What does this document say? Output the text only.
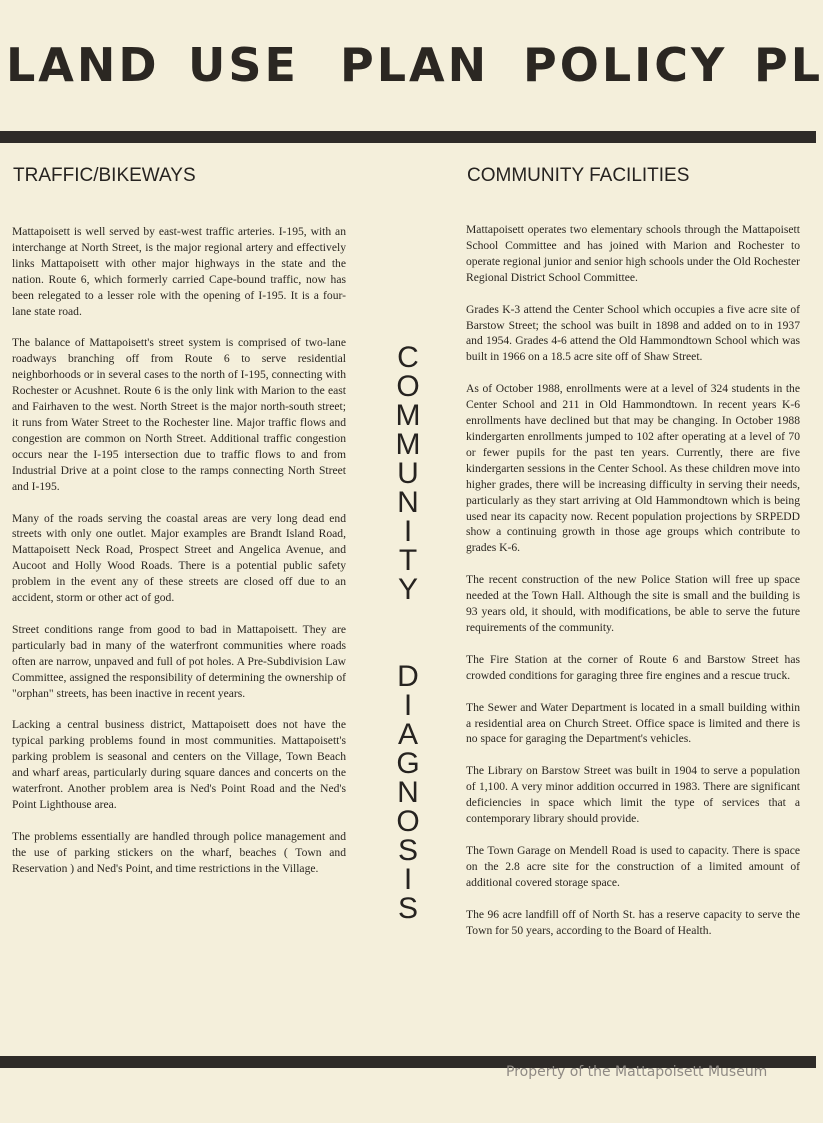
LAND USE PLAN POLICY PL
TRAFFIC/BIKEWAYS

Mattapoisett is well served by east-west traffic arteries. I-195, with an interchange at North Street, is the major regional artery and effectively links Mattapoisett with other major highways in the state and the nation. Route 6, which formerly carried Cape-bound traffic, now has been relegated to a lesser role with the opening of I-195. It is a four-lane state road.

The balance of Mattapoisett's street system is comprised of two-lane roadways branching off from Route 6 to serve residential neighborhoods or in several cases to the north of I-195, connecting with Rochester or Acushnet. Route 6 is the only link with Marion to the east and Fairhaven to the west. North Street is the major north-south street; it runs from Water Street to the Rochester line. Major traffic flows and congestion are common on North Street. Additional traffic congestion occurs near the I-195 intersection due to traffic flows to and from Industrial Drive at a point close to the ramps connecting North Street and I-195.

Many of the roads serving the coastal areas are very long dead end streets with only one outlet. Major examples are Brandt Island Road, Mattapoisett Neck Road, Prospect Street and Angelica Avenue, and Aucoot and Holly Wood Roads. There is a potential public safety problem in the event any of these streets are closed off due to an accident, storm or other act of god.

Street conditions range from good to bad in Mattapoisett. They are particularly bad in many of the waterfront communities where roads often are narrow, unpaved and full of pot holes. A Pre-Subdivision Law Committee, assigned the responsibility of determining the ownership of "orphan" streets, has been inactive in recent years.

Lacking a central business district, Mattapoisett does not have the typical parking problems found in most communities. Mattapoisett's parking problem is seasonal and centers on the Village, Town Beach and wharf areas, particularly during square dances and concerts on the waterfront. Another problem area is Ned's Point Road and the Ned's Point Lighthouse area.

The problems essentially are handled through police management and the use of parking stickers on the wharf, beaches ( Town and Reservation ) and Ned's Point, and time restrictions in the Village.

C
O
M
M
U
N
I
T
Y
D
I
A
G
N
O
S
I
S
COMMUNITY FACILITIES

Mattapoisett operates two elementary schools through the Mattapoisett School Committee and has joined with Marion and Rochester to operate regional junior and senior high schools under the Old Rochester Regional District School Committee.

Grades K-3 attend the Center School which occupies a five acre site of Barstow Street; the school was built in 1898 and added on to in 1937 and 1954. Grades 4-6 attend the Old Hammondtown School which was built in 1966 on a 18.5 acre site off of Shaw Street.

As of October 1988, enrollments were at a level of 324 students in the Center School and 211 in Old Hammondtown. In recent years K-6 enrollments have declined but that may be changing. In October 1988 kindergarten enrollments jumped to 102 after operating at a level of 70 or fewer pupils for the past ten years. Currently, there are five kindergarten sessions in the Center School. As these children move into higher grades, there will be increasing difficulty in serving their needs, particularly as they start arriving at Old Hammondtown which is being used near its capacity now. Recent population projections by SRPEDD show a continuing growth in those age groups which contribute to grades K-6.

The recent construction of the new Police Station will free up space needed at the Town Hall. Although the site is small and the building is 93 years old, it should, with modifications, be able to serve the future requirements of the community.

The Fire Station at the corner of Route 6 and Barstow Street has crowded conditions for garaging three fire engines and a rescue truck.

The Sewer and Water Department is located in a small building within a residential area on Church Street. Office space is limited and there is no space for garaging the Department's vehicles.

The Library on Barstow Street was built in 1904 to serve a population of 1,100. A very minor addition occurred in 1983. There are significant deficiencies in space which limit the type of services that a contemporary library should provide.

The Town Garage on Mendell Road is used to capacity. There is space on the 2.8 acre site for the construction of a limited amount of additional covered storage space.

The 96 acre landfill off of North St. has a reserve capacity to serve the Town for 50 years, according to the Board of Health.

Property of the Mattapoisett Museum
